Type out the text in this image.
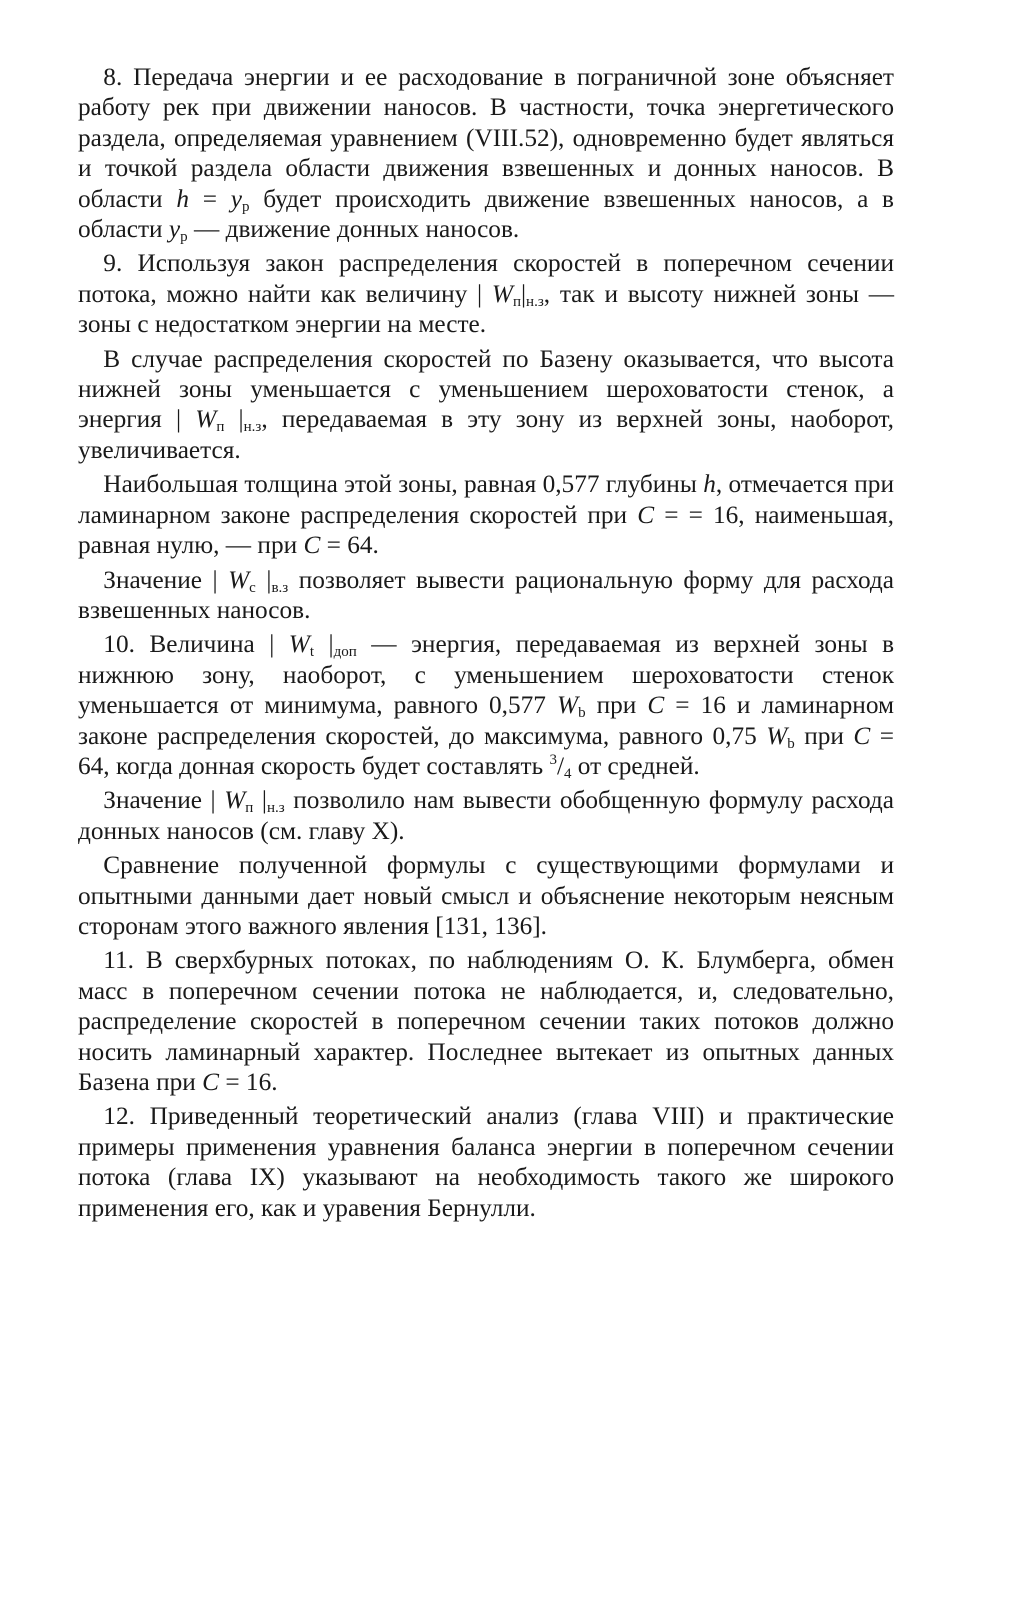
 8. Передача энергии и ее расходование в пограничной зоне объясняет работу рек при движении наносов. В частности, точка энергетического раздела, определяемая уравнением (VIII.52), одновременно будет являться и точкой раздела области движения взвешенных и донных наносов. В области $h = y_р$ будет происходить движение взвешенных наносов, а в области $y_р$ — движение донных наносов.

 9. Используя закон распределения скоростей в поперечном сечении потока, можно найти как величину | $W_п|_{н.з}$, так и высоту нижней зоны — зоны с недостатком энергии на месте.

 В случае распределения скоростей по Базену оказывается, что высота нижней зоны уменьшается с уменьшением шероховатости стенок, а энергия | $W_п$ $|_{н.з}$, передаваемая в эту зону из верхней зоны, наоборот, увеличивается.

 Наибольшая толщина этой зоны, равная 0,577 глубины h, отмечается при ламинарном законе распределения скоростей при C = = 16, наименьшая, равная нулю, — при C = 64.

 Значение | $W_с$ $|_{в.з}$ позволяет вывести рациональную форму для расхода взвешенных наносов.

 10. Величина | $W_t$ $|_{доп}$ — энергия, передаваемая из верхней зоны в нижнюю зону, наоборот, с уменьшением шероховатости стенок уменьшается от минимума, равного 0,577 $W_b$ при C = 16 и ламинарном законе распределения скоростей, до максимума, равного 0,75 $W_b$ при C = 64, когда донная скорость будет составлять $^3/_4$ от средней.

 Значение | $W_п$ $|_{н.з}$ позволило нам вывести обобщенную формулу расхода донных наносов (см. главу X).

 Сравнение полученной формулы с существующими формулами и опытными данными дает новый смысл и объяснение некоторым неясным сторонам этого важного явления [131, 136].

 11. В сверхбурных потоках, по наблюдениям О. К. Блумберга, обмен масс в поперечном сечении потока не наблюдается, и, следовательно, распределение скоростей в поперечном сечении таких потоков должно носить ламинарный характер. Последнее вытекает из опытных данных Базена при C = 16.

 12. Приведенный теоретический анализ (глава VIII) и практические примеры применения уравнения баланса энергии в поперечном сечении потока (глава IX) указывают на необходимость такого же широкого применения его, как и уравения Бернулли.
